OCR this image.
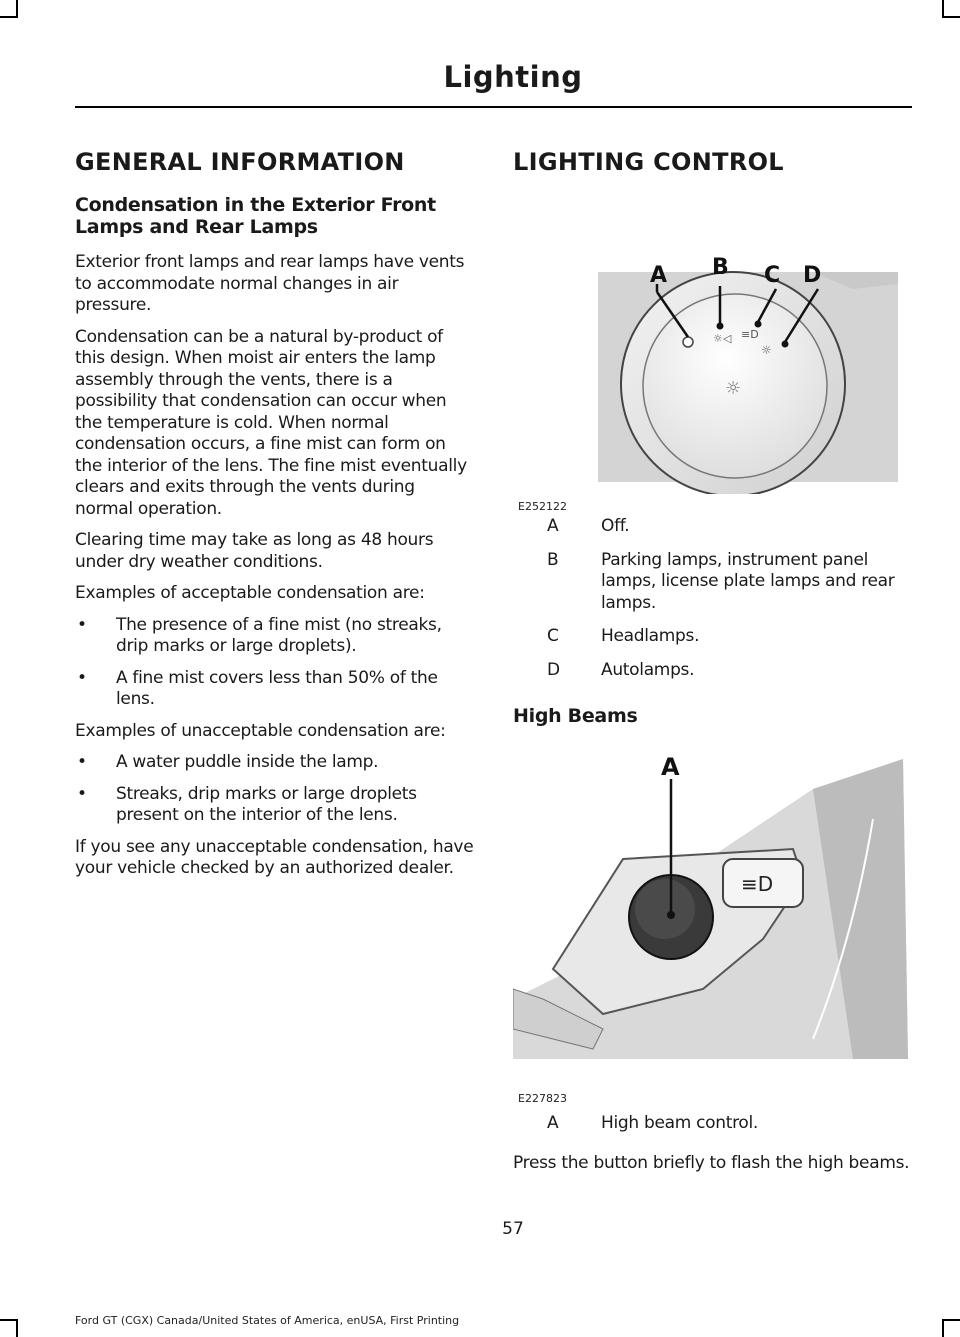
Lighting
GENERAL INFORMATION
Condensation in the Exterior Front Lamps and Rear Lamps

Exterior front lamps and rear lamps have vents to accommodate normal changes in air pressure.

Condensation can be a natural by-product of this design. When moist air enters the lamp assembly through the vents, there is a possibility that condensation can occur when the temperature is cold. When normal condensation occurs, a fine mist can form on the interior of the lens. The fine mist eventually clears and exits through the vents during normal operation.

Clearing time may take as long as 48 hours under dry weather conditions.

Examples of acceptable condensation are:

• The presence of a fine mist (no streaks, drip marks or large droplets).
• A fine mist covers less than 50% of the lens.

Examples of unacceptable condensation are:

• A water puddle inside the lamp.
• Streaks, drip marks or large droplets present on the interior of the lens.

If you see any unacceptable condensation, have your vehicle checked by an authorized dealer.

LIGHTING CONTROL
☼◁ ≡D
☼
☼
A B C D
E252122
A	Off.
B	Parking lamps, instrument panel lamps, license plate lamps and rear lamps.
C Headlamps.
D Autolamps.
High Beams
≡D
A
E227823
A	High beam control.

Press the button briefly to flash the high beams.

57
Ford GT (CGX) Canada/United States of America, enUSA, First Printing
